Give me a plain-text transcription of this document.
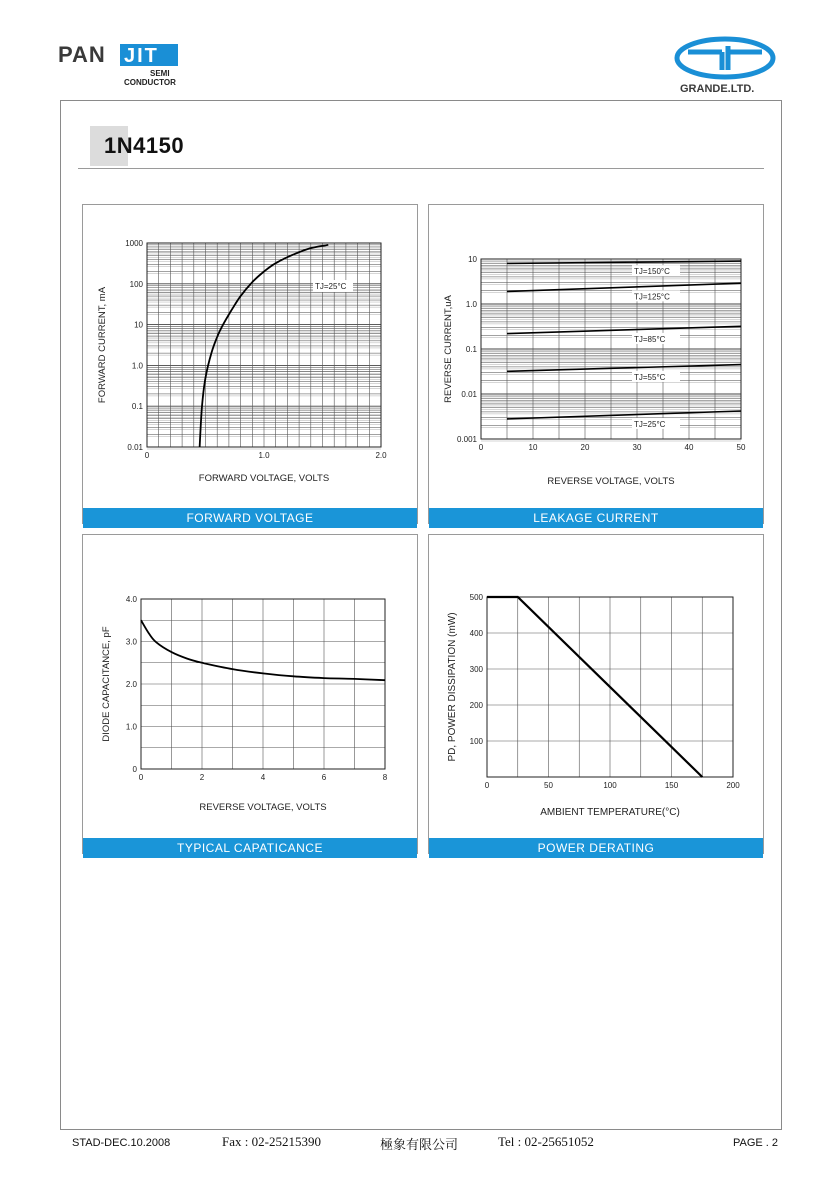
PAN JIT
SEMI
CONDUCTOR
GRANDE.LTD.
1N4150
0.01
0.1
1.0
10
100
1000
0	1.0	2.0
FORWARD VOLTAGE, VOLTS
FORWARD CURRENT, mA
TJ=25°C
FORWARD VOLTAGE
0.001
0.01
0.1
1.0
10
0	10	20	30	40	50
REVERSE VOLTAGE, VOLTS
REVERSE CURRENT,uA
TJ=150°C
TJ=125°C
TJ=85°C
TJ=55°C
TJ=25°C
LEAKAGE CURRENT
0
1.0
2.0
3.0
4.0
0	2	4	6	8
REVERSE VOLTAGE, VOLTS
DIODE CAPACITANCE, pF
TYPICAL CAPATICANCE
100
200
300
400
500
0	50	100	150	200
AMBIENT TEMPERATURE(°C)
PD, POWER DISSIPATION (mW)
POWER DERATING
STAD-DEC.10.2008	Fax : 02-25215390	極象有限公司	Tel : 02-25651052	PAGE . 2
